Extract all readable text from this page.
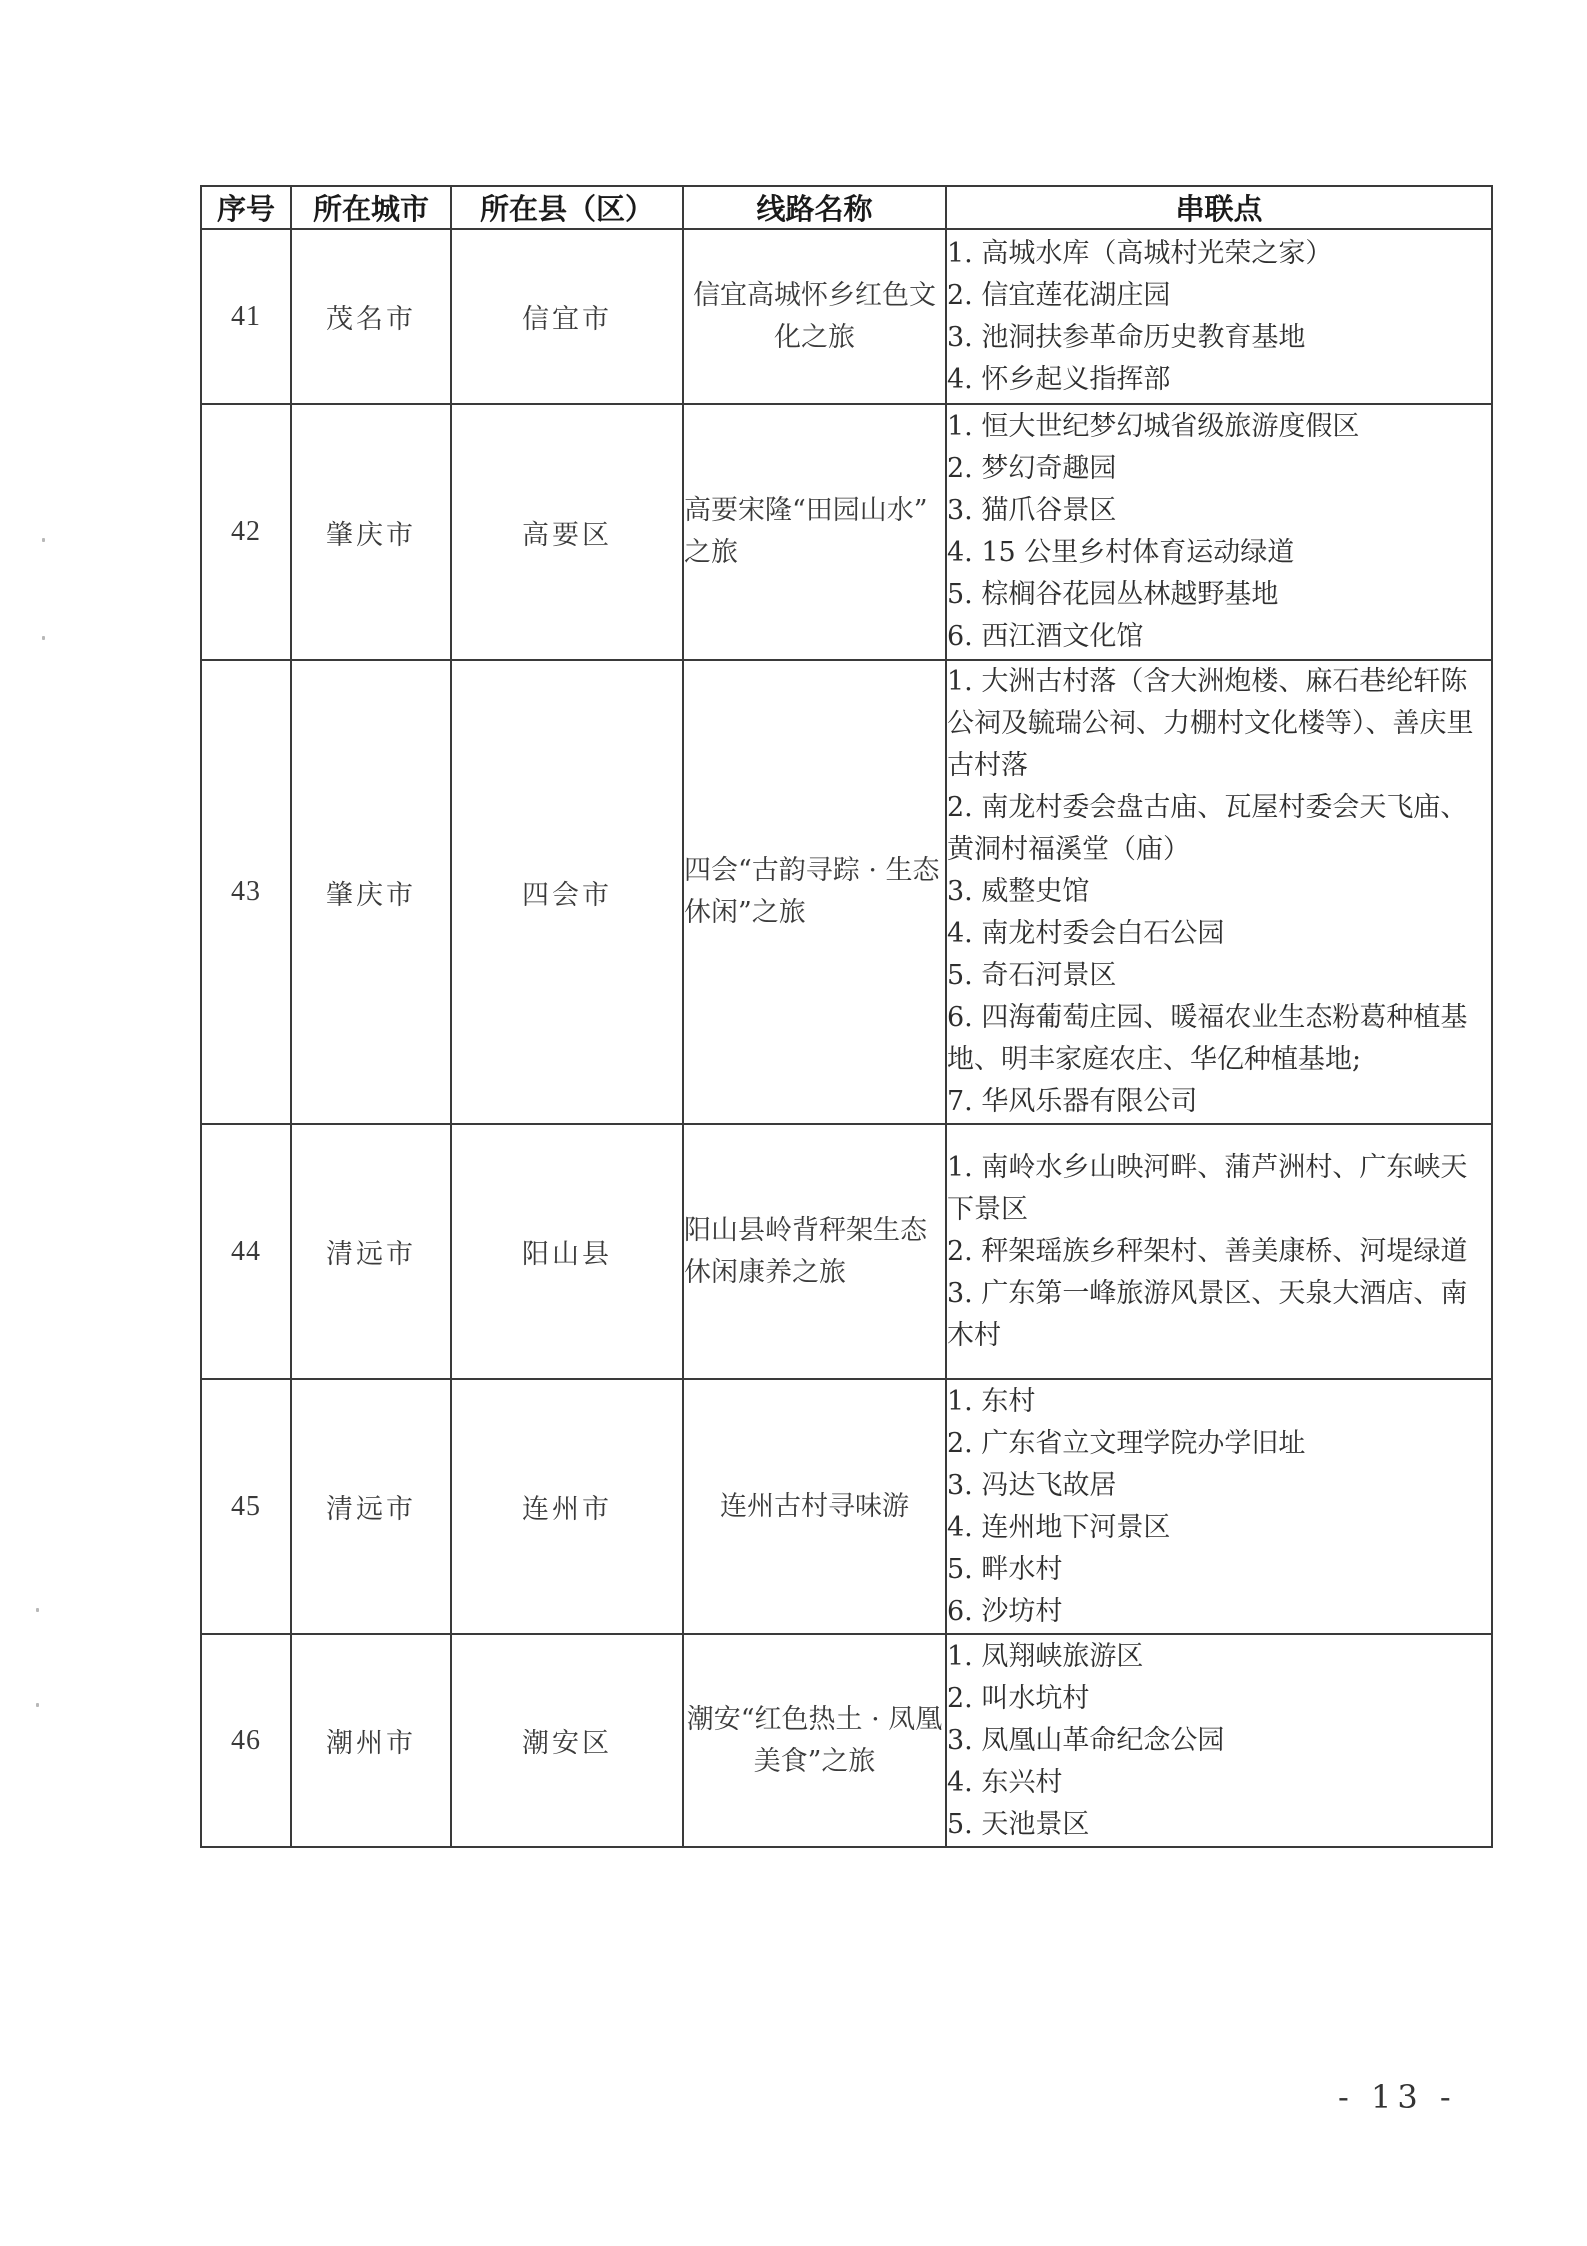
序号	所在城市	所在县（区）	线路名称	串联点
41	茂名市	信宜市	信宜高城怀乡红色文化之旅	1. 高城水库（高城村光荣之家）
2. 信宜莲花湖庄园
3. 池洞扶参革命历史教育基地
4. 怀乡起义指挥部

42	肇庆市	高要区	高要宋隆“田园山水” 之旅	
1. 恒大世纪梦幻城省级旅游度假区
2. 梦幻奇趣园
3. 猫爪谷景区
4. 15 公里乡村体育运动绿道
5. 棕榈谷花园丛林越野基地
6. 西江酒文化馆

43	肇庆市	四会市	四会“古韵寻踪 · 生态休闲”之旅	
1. 大洲古村落（含大洲炮楼、麻石巷纶轩陈公祠及毓瑞公祠、力棚村文化楼等）、善庆里古村落
2. 南龙村委会盘古庙、瓦屋村委会天飞庙、黄洞村福溪堂（庙）
3. 威整史馆
4. 南龙村委会白石公园
5. 奇石河景区
6. 四海葡萄庄园、暖福农业生态粉葛种植基地、明丰家庭农庄、华亿种植基地;
7. 华风乐器有限公司

44	清远市	阳山县	阳山县岭背秤架生态休闲康养之旅	1. 南岭水乡山映河畔、蒲芦洲村、广东峡天下景区
2. 秤架瑶族乡秤架村、善美康桥、河堤绿道
3. 广东第一峰旅游风景区、天泉大酒店、南木村

45	清远市	连州市	连州古村寻味游	
1. 东村
2. 广东省立文理学院办学旧址
3. 冯达飞故居
4. 连州地下河景区
5. 畔水村
6. 沙坊村

46	潮州市	潮安区	潮安“红色热土 · 凤凰美食”之旅	1. 凤翔峡旅游区
2. 叫水坑村
3. 凤凰山革命纪念公园
4. 东兴村
5. 天池景区
- 13 -
